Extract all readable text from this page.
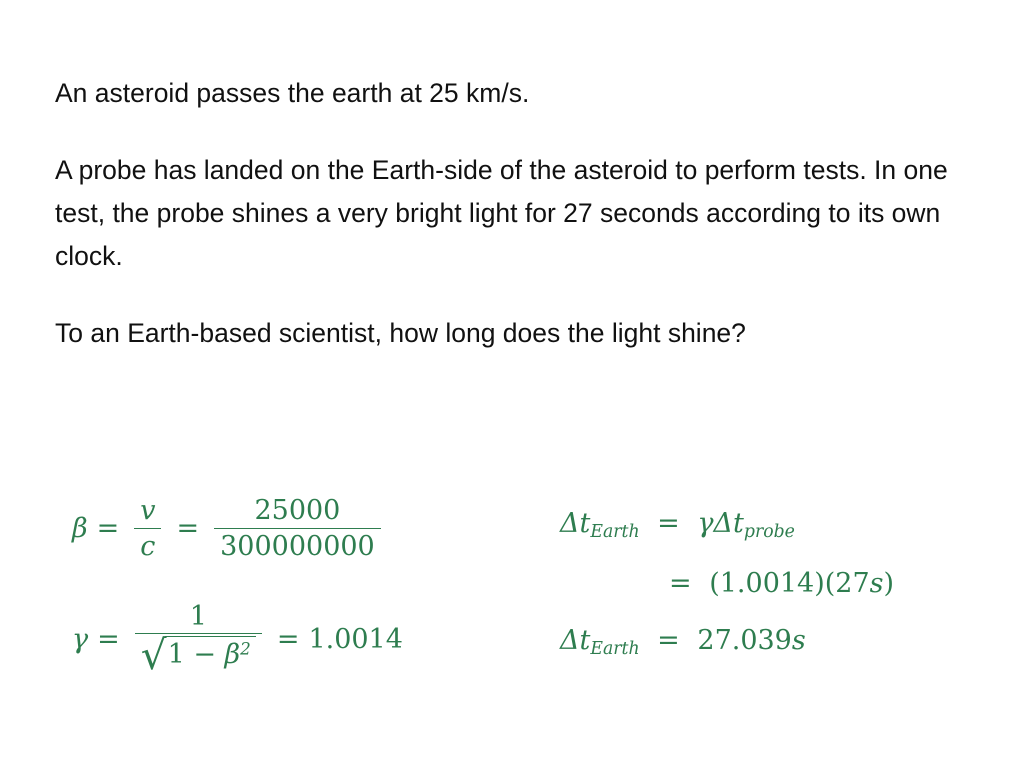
An asteroid passes the earth at 25 km/s.

A probe has landed on the Earth-side of the asteroid to perform tests. In one test, the probe shines a very bright light for 27 seconds according to its own clock.

To an Earth-based scientist, how long does the light shine?

$\beta = \frac{v}{c} = \frac{25000}{300000000}$
$\gamma = \frac{1}{√ 1 - \beta^2} = 1.0014$
$\Delta t_{Earth} = \gamma\Delta t_{probe}$
= (1.0014)(27s)
$\Delta t_{Earth} = 27.039s$
